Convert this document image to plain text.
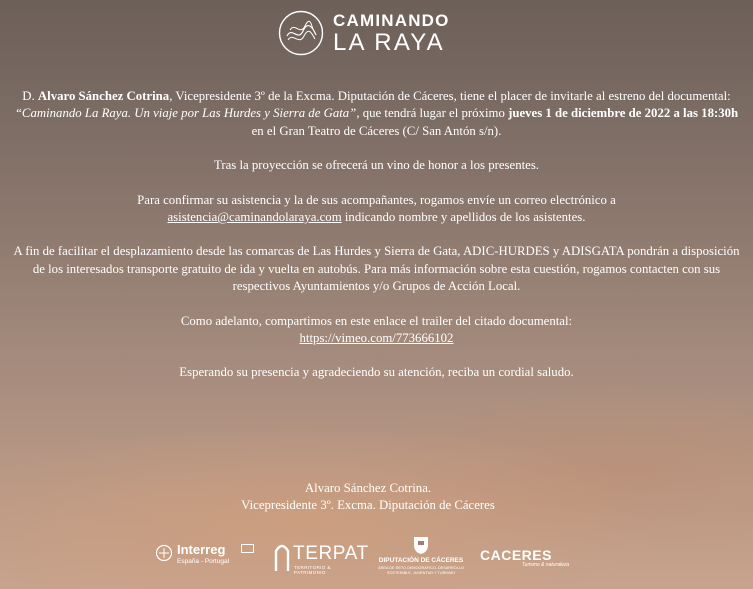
CAMINANDO
LA RAYA

D. Alvaro Sánchez Cotrina, Vicepresidente 3º de la Excma. Diputación de Cáceres, tiene el placer de invitarle al estreno del documental: “Caminando La Raya. Un viaje por Las Hurdes y Sierra de Gata”, que tendrá lugar el próximo jueves 1 de diciembre de 2022 a las 18:30h en el Gran Teatro de Cáceres (C/ San Antón s/n).

Tras la proyección se ofrecerá un vino de honor a los presentes.

Para confirmar su asistencia y la de sus acompañantes, rogamos envíe un correo electrónico a
asistencia@caminandolaraya.com indicando nombre y apellidos de los asistentes.

A fin de facilitar el desplazamiento desde las comarcas de Las Hurdes y Sierra de Gata, ADIC-HURDES y ADISGATA pondrán a disposición de los interesados transporte gratuito de ida y vuelta en autobús. Para más información sobre esta cuestión, rogamos contacten con sus respectivos Ayuntamientos y/o Grupos de Acción Local.

Como adelanto, compartimos en este enlace el trailer del citado documental:
https://vimeo.com/773666102

Esperando su presencia y agradeciendo su atención, reciba un cordial saludo.

Alvaro Sánchez Cotrina.
Vicepresidente 3º. Excma. Diputación de Cáceres
Interreg
España - Portugal	TERPAT
TERRITORIO & PATRIMONIO
DIPUTACIÓN DE CÁCERES
ÁREA DE RETO DEMOGRÁFICO, DESARROLLO SOSTENIBLE, JUVENTUD Y TURISMO
CACERES
Turismo & naturaleza
